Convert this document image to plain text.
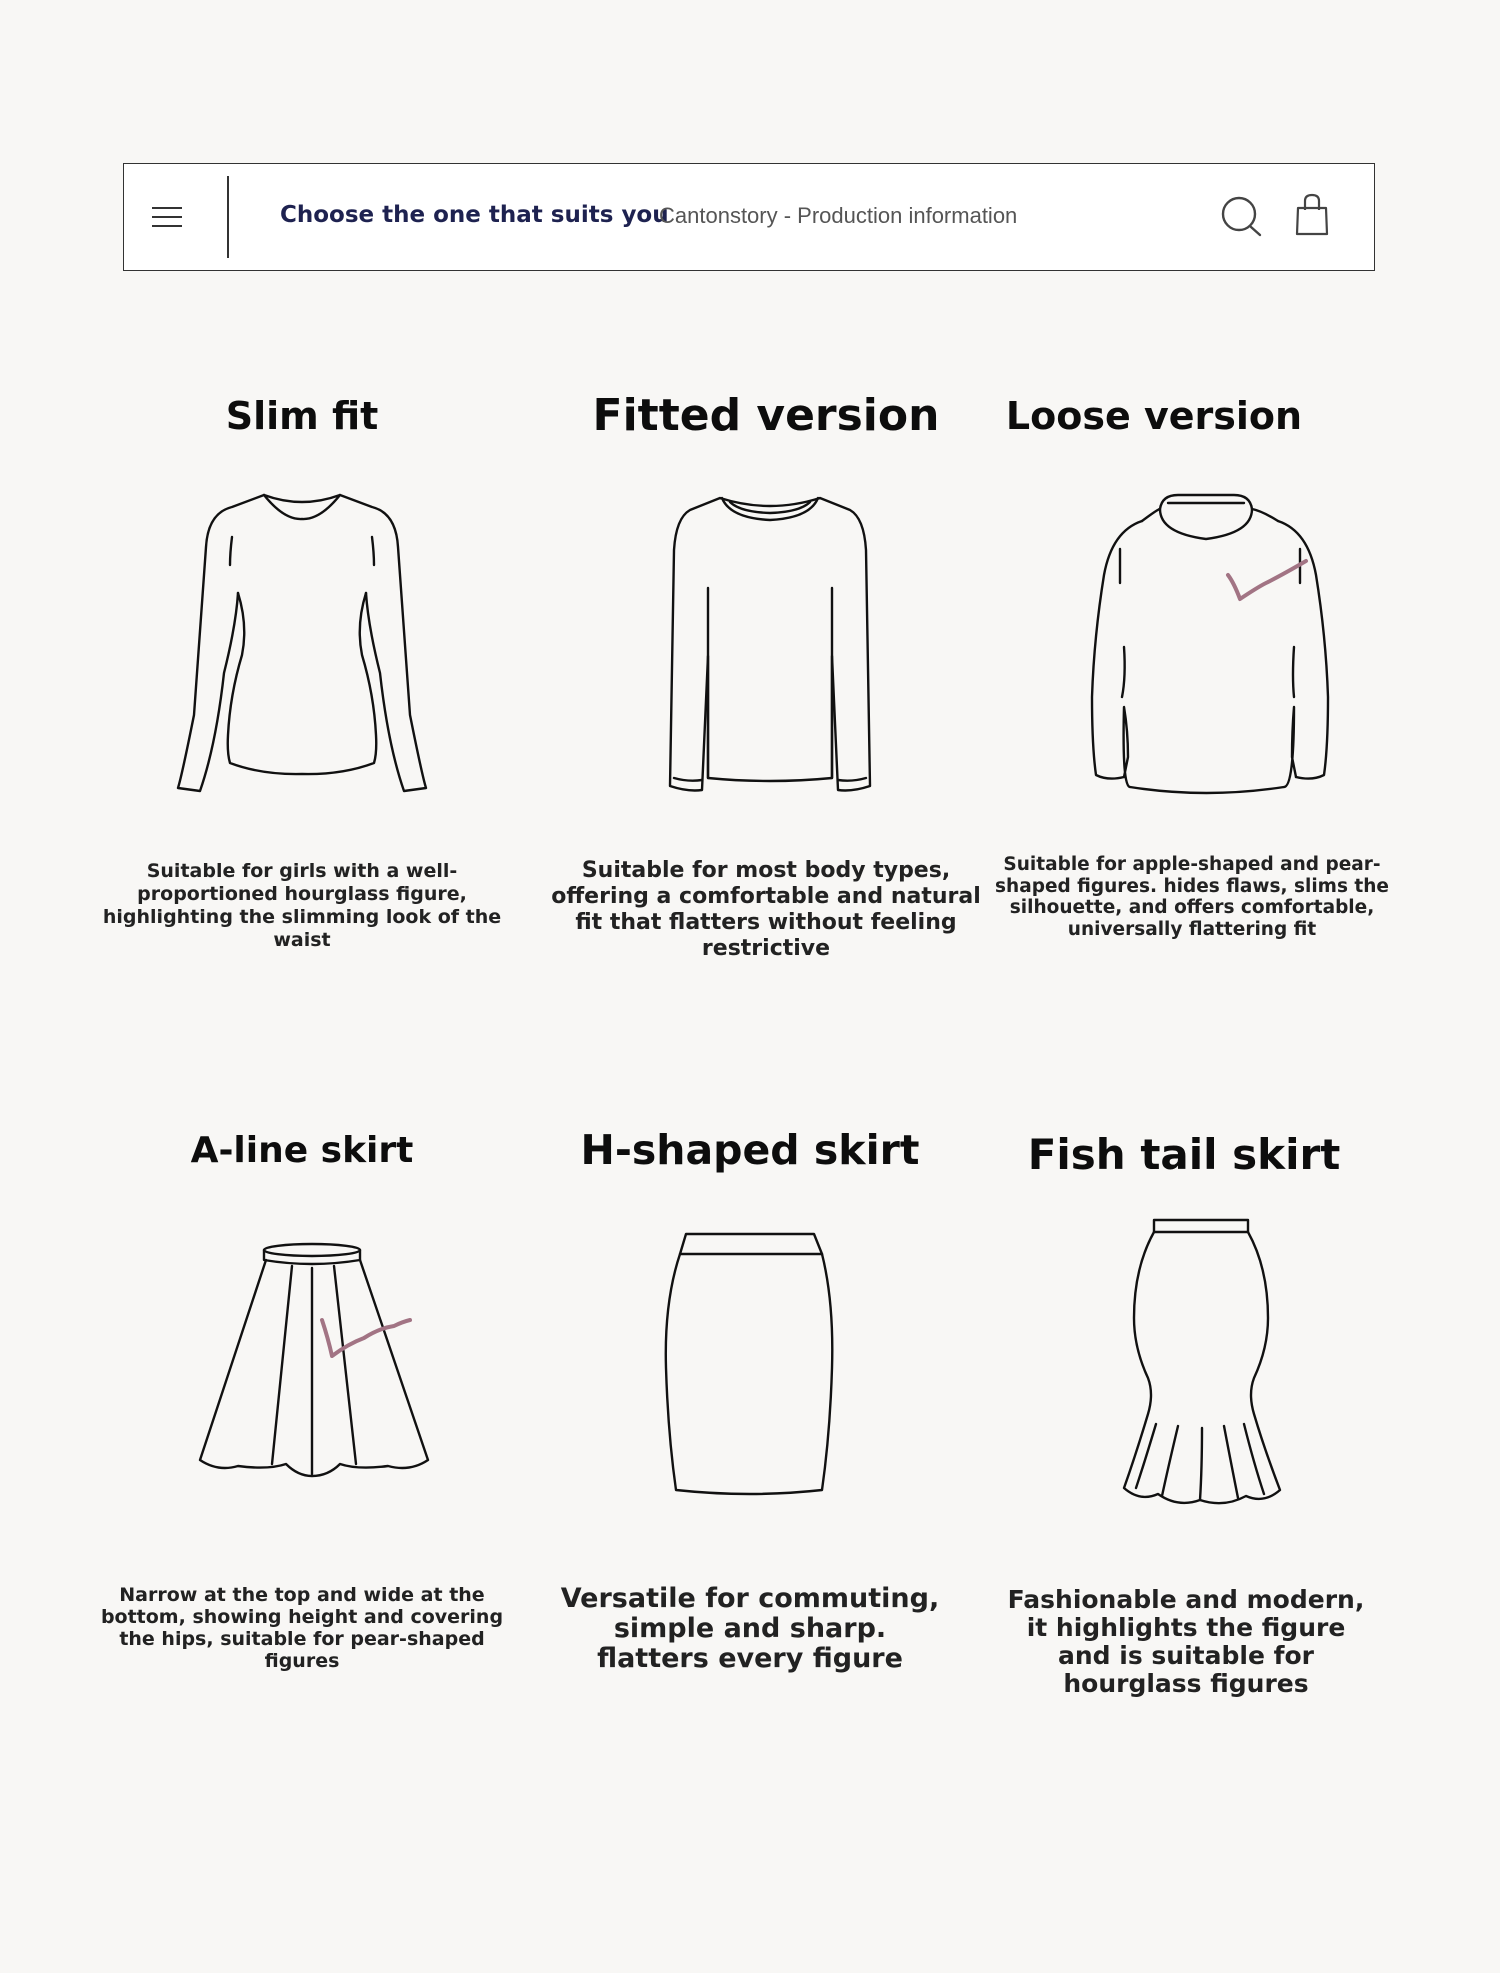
Choose the one that suits you
Cantonstory - Production information
Slim fit
Suitable for girls with a well-proportioned hourglass figure, highlighting the slimming look of the waist
Fitted version
Suitable for most body types, offering a comfortable and natural fit that flatters without feeling restrictive
Loose version
Suitable for apple-shaped and pear-shaped figures. hides flaws, slims the silhouette, and offers comfortable, universally flattering fit
A-line skirt
Narrow at the top and wide at the bottom, showing height and covering the hips, suitable for pear-shaped figures
H-shaped skirt
Versatile for commuting, simple and sharp. flatters every figure
Fish tail skirt
Fashionable and modern, it highlights the figure and is suitable for hourglass figures
